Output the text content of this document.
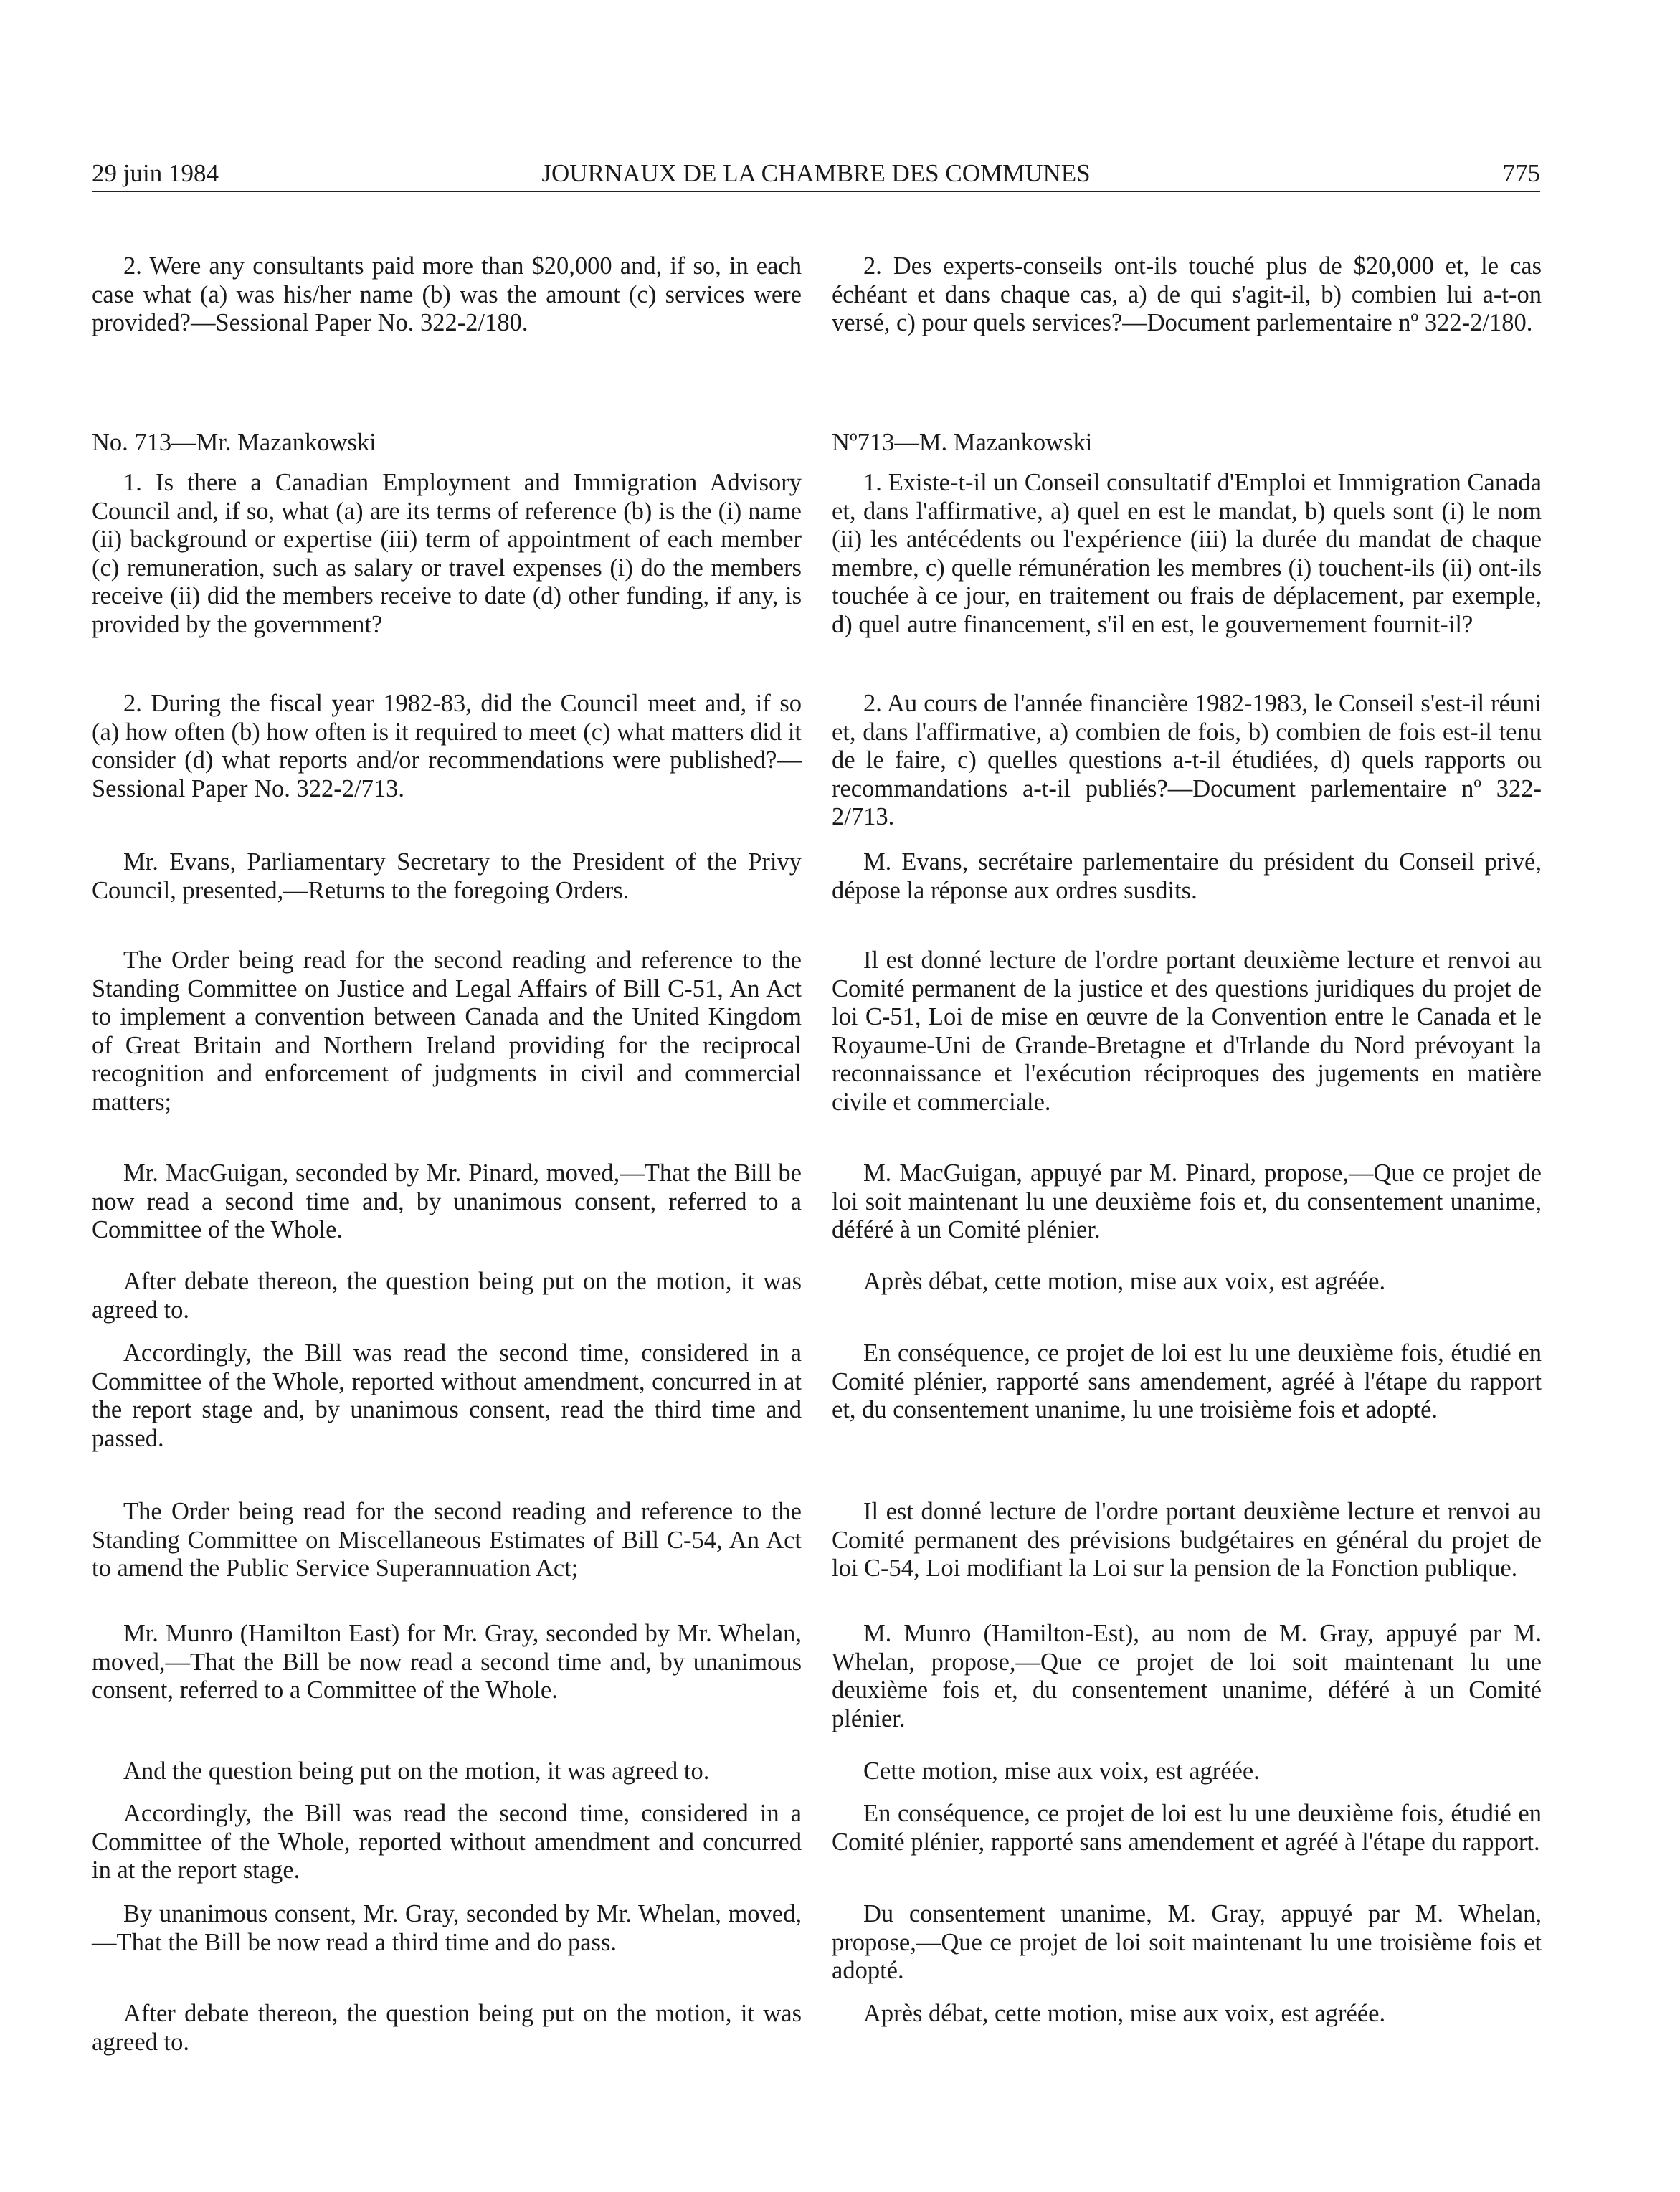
29 juin 1984	JOURNAUX DE LA CHAMBRE DES COMMUNES	775

2. Were any consultants paid more than $20,000 and, if so, in each case what (a) was his/her name (b) was the amount (c) services were provided?—Sessional Paper No. 322-2/180.

No. 713—Mr. Mazankowski

1. Is there a Canadian Employment and Immigration Advisory Council and, if so, what (a) are its terms of reference (b) is the (i) name (ii) background or expertise (iii) term of appointment of each member (c) remuneration, such as salary or travel expenses (i) do the members receive (ii) did the members receive to date (d) other funding, if any, is provided by the government?

2. During the fiscal year 1982-83, did the Council meet and, if so (a) how often (b) how often is it required to meet (c) what matters did it consider (d) what reports and/or recommendations were published?—Sessional Paper No. 322-2/713.

Mr. Evans, Parliamentary Secretary to the President of the Privy Council, presented,—Returns to the foregoing Orders.

The Order being read for the second reading and reference to the Standing Committee on Justice and Legal Affairs of Bill C-51, An Act to implement a convention between Canada and the United Kingdom of Great Britain and Northern Ireland providing for the reciprocal recognition and enforcement of judgments in civil and commercial matters;

Mr. MacGuigan, seconded by Mr. Pinard, moved,—That the Bill be now read a second time and, by unanimous consent, referred to a Committee of the Whole.

After debate thereon, the question being put on the motion, it was agreed to.

Accordingly, the Bill was read the second time, considered in a Committee of the Whole, reported without amendment, concurred in at the report stage and, by unanimous consent, read the third time and passed.

The Order being read for the second reading and reference to the Standing Committee on Miscellaneous Estimates of Bill C-54, An Act to amend the Public Service Superannuation Act;

Mr. Munro (Hamilton East) for Mr. Gray, seconded by Mr. Whelan, moved,—That the Bill be now read a second time and, by unanimous consent, referred to a Committee of the Whole.

And the question being put on the motion, it was agreed to.

Accordingly, the Bill was read the second time, considered in a Committee of the Whole, reported without amendment and concurred in at the report stage.

By unanimous consent, Mr. Gray, seconded by Mr. Whelan, moved,—That the Bill be now read a third time and do pass.

After debate thereon, the question being put on the motion, it was agreed to.

2. Des experts-conseils ont-ils touché plus de $20,000 et, le cas échéant et dans chaque cas, a) de qui s'agit-il, b) combien lui a-t-on versé, c) pour quels services?—Document parlementaire nº 322-2/180.

Nº713—M. Mazankowski

1. Existe-t-il un Conseil consultatif d'Emploi et Immigration Canada et, dans l'affirmative, a) quel en est le mandat, b) quels sont (i) le nom (ii) les antécédents ou l'expérience (iii) la durée du mandat de chaque membre, c) quelle rémunération les membres (i) touchent-ils (ii) ont-ils touchée à ce jour, en traitement ou frais de déplacement, par exemple, d) quel autre financement, s'il en est, le gouvernement fournit-il?

2. Au cours de l'année financière 1982-1983, le Conseil s'est-il réuni et, dans l'affirmative, a) combien de fois, b) combien de fois est-il tenu de le faire, c) quelles questions a-t-il étudiées, d) quels rapports ou recommandations a-t-il publiés?—Document parlementaire nº 322-2/713.

M. Evans, secrétaire parlementaire du président du Conseil privé, dépose la réponse aux ordres susdits.

Il est donné lecture de l'ordre portant deuxième lecture et renvoi au Comité permanent de la justice et des questions juridiques du projet de loi C-51, Loi de mise en œuvre de la Convention entre le Canada et le Royaume-Uni de Grande-Bretagne et d'Irlande du Nord prévoyant la reconnaissance et l'exécution réciproques des jugements en matière civile et commerciale.

M. MacGuigan, appuyé par M. Pinard, propose,—Que ce projet de loi soit maintenant lu une deuxième fois et, du consentement unanime, déféré à un Comité plénier.

Après débat, cette motion, mise aux voix, est agréée.

En conséquence, ce projet de loi est lu une deuxième fois, étudié en Comité plénier, rapporté sans amendement, agréé à l'étape du rapport et, du consentement unanime, lu une troisième fois et adopté.

Il est donné lecture de l'ordre portant deuxième lecture et renvoi au Comité permanent des prévisions budgétaires en général du projet de loi C-54, Loi modifiant la Loi sur la pension de la Fonction publique.

M. Munro (Hamilton-Est), au nom de M. Gray, appuyé par M. Whelan, propose,—Que ce projet de loi soit maintenant lu une deuxième fois et, du consentement unanime, déféré à un Comité plénier.

Cette motion, mise aux voix, est agréée.

En conséquence, ce projet de loi est lu une deuxième fois, étudié en Comité plénier, rapporté sans amendement et agréé à l'étape du rapport.

Du consentement unanime, M. Gray, appuyé par M. Whelan, propose,—Que ce projet de loi soit maintenant lu une troisième fois et adopté.

Après débat, cette motion, mise aux voix, est agréée.
